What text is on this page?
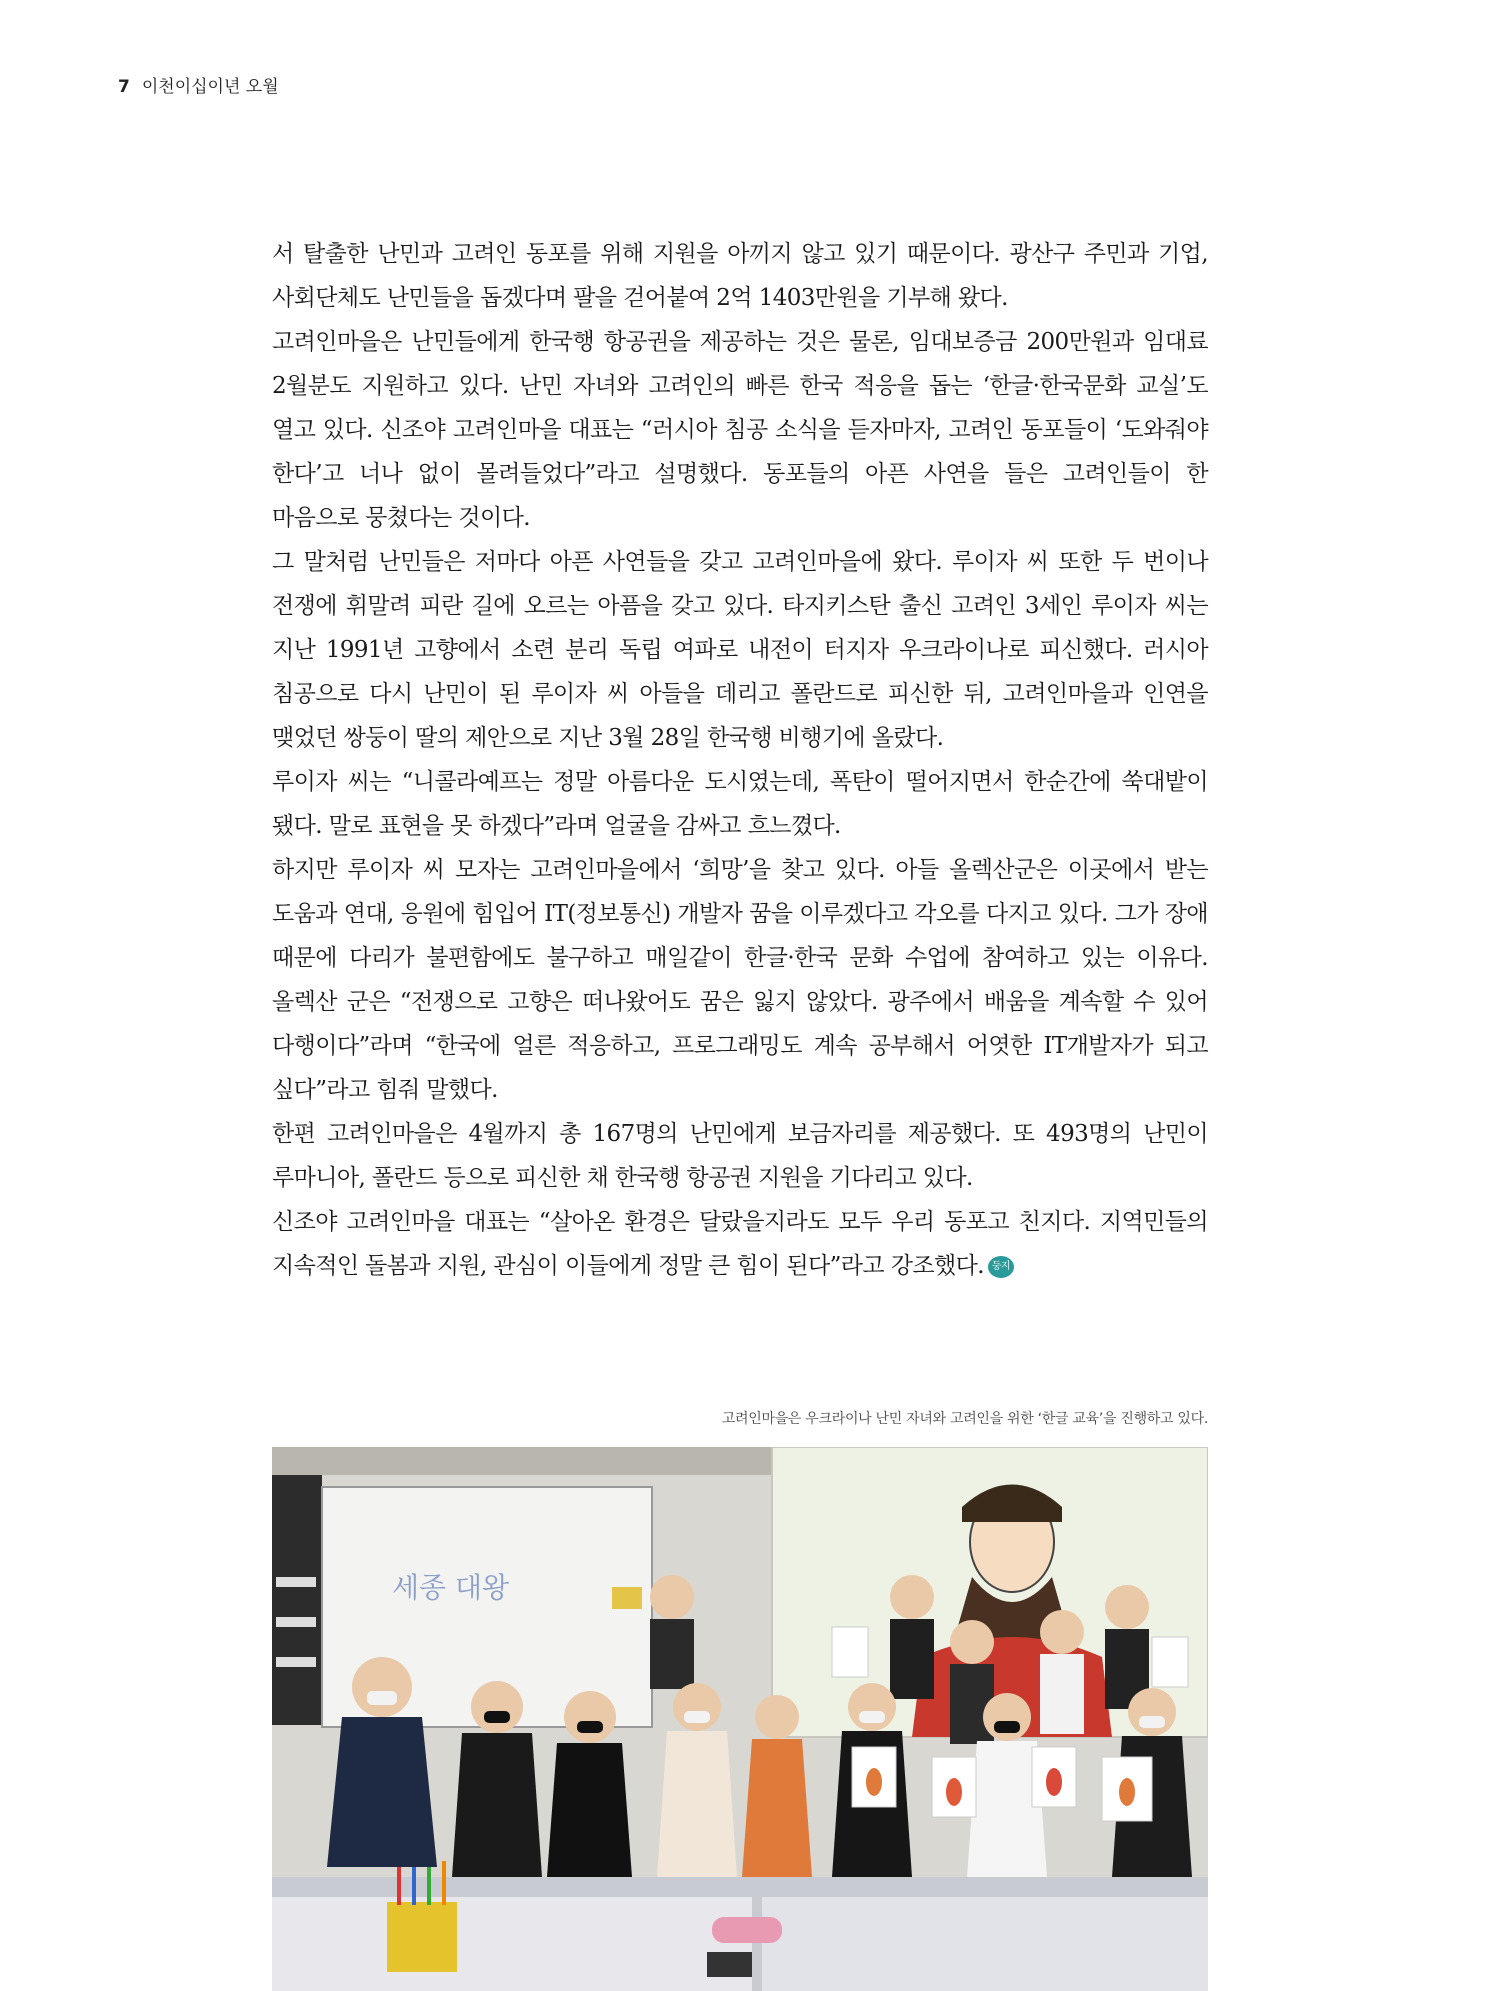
7 이천이십이년 오월

서 탈출한 난민과 고려인 동포를 위해 지원을 아끼지 않고 있기 때문이다. 광산구 주민과 기업, 사회단체도 난민들을 돕겠다며 팔을 걷어붙여 2억 1403만원을 기부해 왔다.

고려인마을은 난민들에게 한국행 항공권을 제공하는 것은 물론, 임대보증금 200만원과 임대료 2월분도 지원하고 있다. 난민 자녀와 고려인의 빠른 한국 적응을 돕는 ‘한글·한국문화 교실’도 열고 있다. 신조야 고려인마을 대표는 “러시아 침공 소식을 듣자마자, 고려인 동포들이 ‘도와줘야 한다’고 너나 없이 몰려들었다”라고 설명했다. 동포들의 아픈 사연을 들은 고려인들이 한 마음으로 뭉쳤다는 것이다.

그 말처럼 난민들은 저마다 아픈 사연들을 갖고 고려인마을에 왔다. 루이자 씨 또한 두 번이나 전쟁에 휘말려 피란 길에 오르는 아픔을 갖고 있다. 타지키스탄 출신 고려인 3세인 루이자 씨는 지난 1991년 고향에서 소련 분리 독립 여파로 내전이 터지자 우크라이나로 피신했다. 러시아 침공으로 다시 난민이 된 루이자 씨 아들을 데리고 폴란드로 피신한 뒤, 고려인마을과 인연을 맺었던 쌍둥이 딸의 제안으로 지난 3월 28일 한국행 비행기에 올랐다.

루이자 씨는 “니콜라예프는 정말 아름다운 도시였는데, 폭탄이 떨어지면서 한순간에 쑥대밭이 됐다. 말로 표현을 못 하겠다”라며 얼굴을 감싸고 흐느꼈다.

하지만 루이자 씨 모자는 고려인마을에서 ‘희망’을 찾고 있다. 아들 올렉산군은 이곳에서 받는 도움과 연대, 응원에 힘입어 IT(정보통신) 개발자 꿈을 이루겠다고 각오를 다지고 있다. 그가 장애 때문에 다리가 불편함에도 불구하고 매일같이 한글·한국 문화 수업에 참여하고 있는 이유다. 올렉산 군은 “전쟁으로 고향은 떠나왔어도 꿈은 잃지 않았다. 광주에서 배움을 계속할 수 있어 다행이다”라며 “한국에 얼른 적응하고, 프로그래밍도 계속 공부해서 어엿한 IT개발자가 되고 싶다”라고 힘줘 말했다.

한편 고려인마을은 4월까지 총 167명의 난민에게 보금자리를 제공했다. 또 493명의 난민이 루마니아, 폴란드 등으로 피신한 채 한국행 항공권 지원을 기다리고 있다.

신조야 고려인마을 대표는 “살아온 환경은 달랐을지라도 모두 우리 동포고 친지다. 지역민들의 지속적인 돌봄과 지원, 관심이 이들에게 정말 큰 힘이 된다”라고 강조했다. 둥지

고려인마을은 우크라이나 난민 자녀와 고려인을 위한 ‘한글 교육’을 진행하고 있다.
세종 대왕
